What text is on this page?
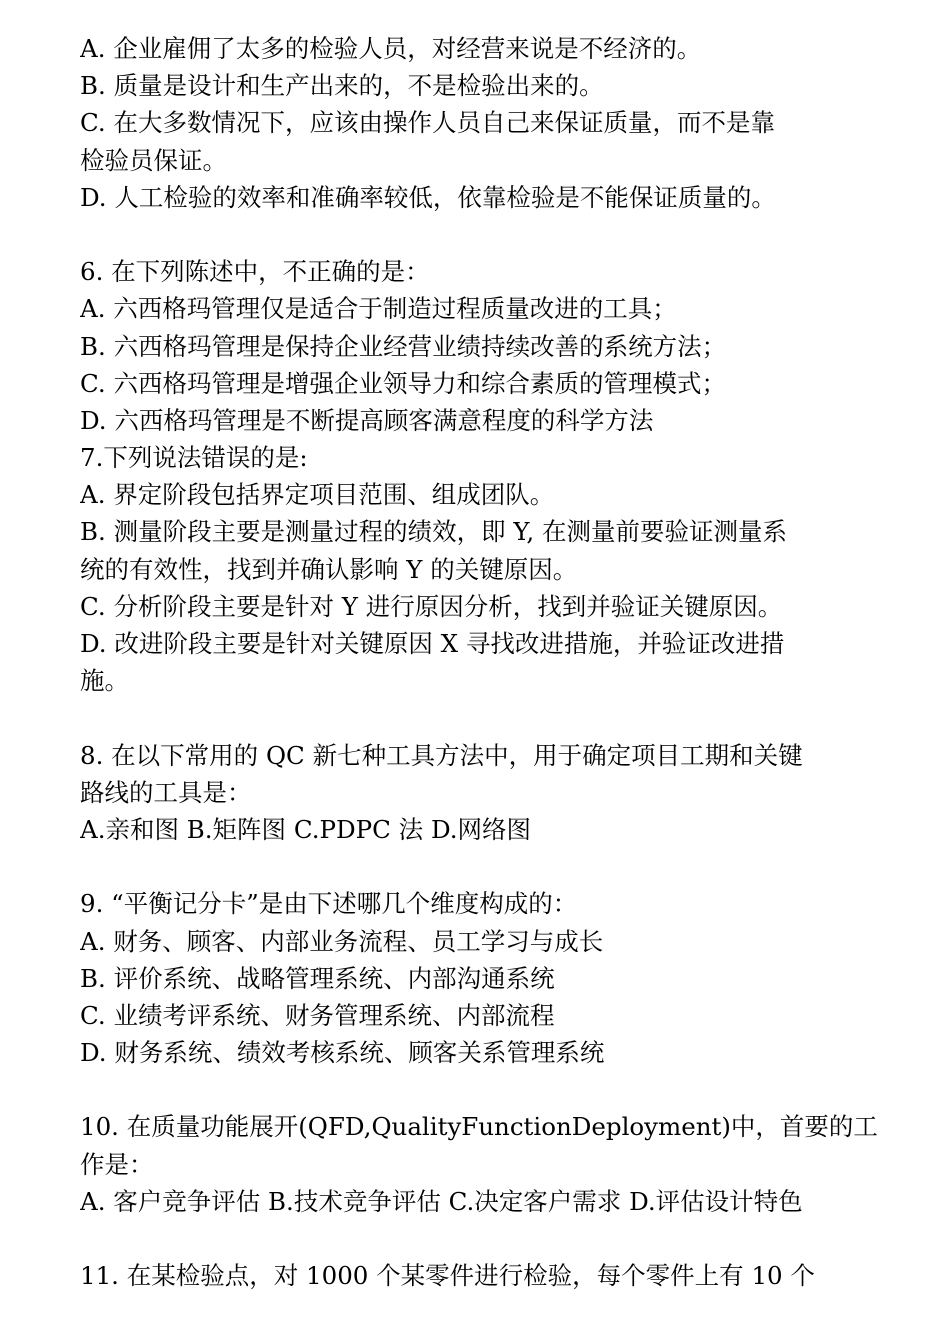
A. 企业雇佣了太多的检验人员，对经营来说是不经济的。
B. 质量是设计和生产出来的，不是检验出来的。
C. 在大多数情况下，应该由操作人员自己来保证质量，而不是靠
检验员保证。
D. 人工检验的效率和准确率较低，依靠检验是不能保证质量的。
6. 在下列陈述中，不正确的是：
A. 六西格玛管理仅是适合于制造过程质量改进的工具；
B. 六西格玛管理是保持企业经营业绩持续改善的系统方法；
C. 六西格玛管理是增强企业领导力和综合素质的管理模式；
D. 六西格玛管理是不断提高顾客满意程度的科学方法
7.下列说法错误的是:
A. 界定阶段包括界定项目范围、组成团队。
B. 测量阶段主要是测量过程的绩效，即 Y, 在测量前要验证测量系
统的有效性，找到并确认影响 Y 的关键原因。
C. 分析阶段主要是针对 Y 进行原因分析，找到并验证关键原因。
D. 改进阶段主要是针对关键原因 X 寻找改进措施，并验证改进措
施。
8. 在以下常用的 QC 新七种工具方法中，用于确定项目工期和关键
路线的工具是：
A.亲和图 B.矩阵图 C.PDPC 法 D.网络图
9. “平衡记分卡”是由下述哪几个维度构成的：
A. 财务、顾客、内部业务流程、员工学习与成长
B. 评价系统、战略管理系统、内部沟通系统
C. 业绩考评系统、财务管理系统、内部流程
D. 财务系统、绩效考核系统、顾客关系管理系统
10. 在质量功能展开(QFD,QualityFunctionDeployment)中，首要的工
作是：
A. 客户竞争评估 B.技术竞争评估 C.决定客户需求 D.评估设计特色
11. 在某检验点，对 1000 个某零件进行检验，每个零件上有 10 个
